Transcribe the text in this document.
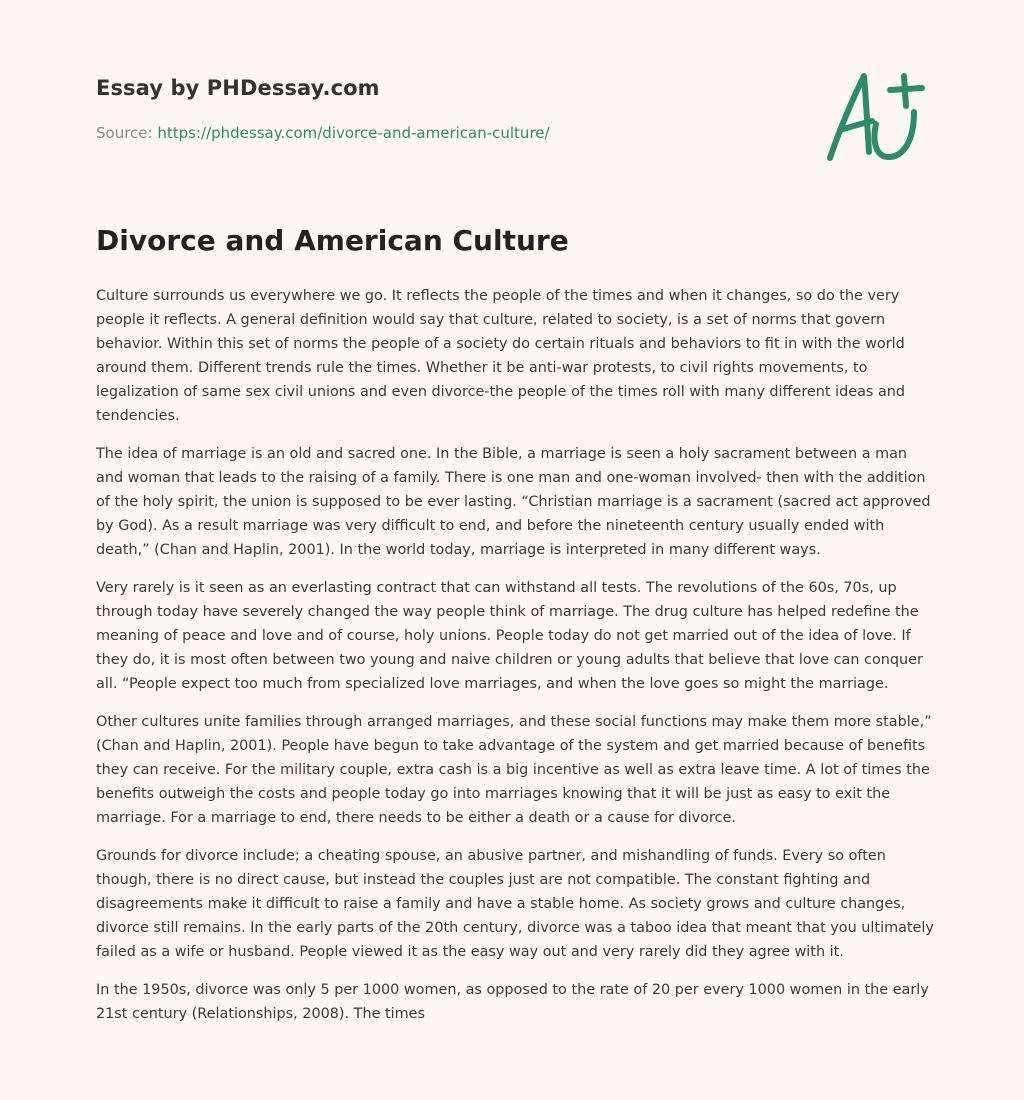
Essay by PHDessay.com
Source: https://phdessay.com/divorce-and-american-culture/
Divorce and American Culture

Culture surrounds us everywhere we go. It reflects the people of the times and when it changes, so do the very people it reflects. A general definition would say that culture, related to society, is a set of norms that govern behavior. Within this set of norms the people of a society do certain rituals and behaviors to fit in with the world around them. Different trends rule the times. Whether it be anti-war protests, to civil rights movements, to legalization of same sex civil unions and even divorce-the people of the times roll with many different ideas and tendencies.

The idea of marriage is an old and sacred one. In the Bible, a marriage is seen a holy sacrament between a man and woman that leads to the raising of a family. There is one man and one-woman involved- then with the addition of the holy spirit, the union is supposed to be ever lasting. “Christian marriage is a sacrament (sacred act approved by God). As a result marriage was very difficult to end, and before the nineteenth century usually ended with death,” (Chan and Haplin, 2001). In the world today, marriage is interpreted in many different ways.

Very rarely is it seen as an everlasting contract that can withstand all tests. The revolutions of the 60s, 70s, up through today have severely changed the way people think of marriage. The drug culture has helped redefine the meaning of peace and love and of course, holy unions. People today do not get married out of the idea of love. If they do, it is most often between two young and naive children or young adults that believe that love can conquer all. “People expect too much from specialized love marriages, and when the love goes so might the marriage.

Other cultures unite families through arranged marriages, and these social functions may make them more stable,” (Chan and Haplin, 2001). People have begun to take advantage of the system and get married because of benefits they can receive. For the military couple, extra cash is a big incentive as well as extra leave time. A lot of times the benefits outweigh the costs and people today go into marriages knowing that it will be just as easy to exit the marriage. For a marriage to end, there needs to be either a death or a cause for divorce.

Grounds for divorce include; a cheating spouse, an abusive partner, and mishandling of funds. Every so often though, there is no direct cause, but instead the couples just are not compatible. The constant fighting and disagreements make it difficult to raise a family and have a stable home. As society grows and culture changes, divorce still remains. In the early parts of the 20th century, divorce was a taboo idea that meant that you ultimately failed as a wife or husband. People viewed it as the easy way out and very rarely did they agree with it.

In the 1950s, divorce was only 5 per 1000 women, as opposed to the rate of 20 per every 1000 women in the early 21st century (Relationships, 2008). The times
